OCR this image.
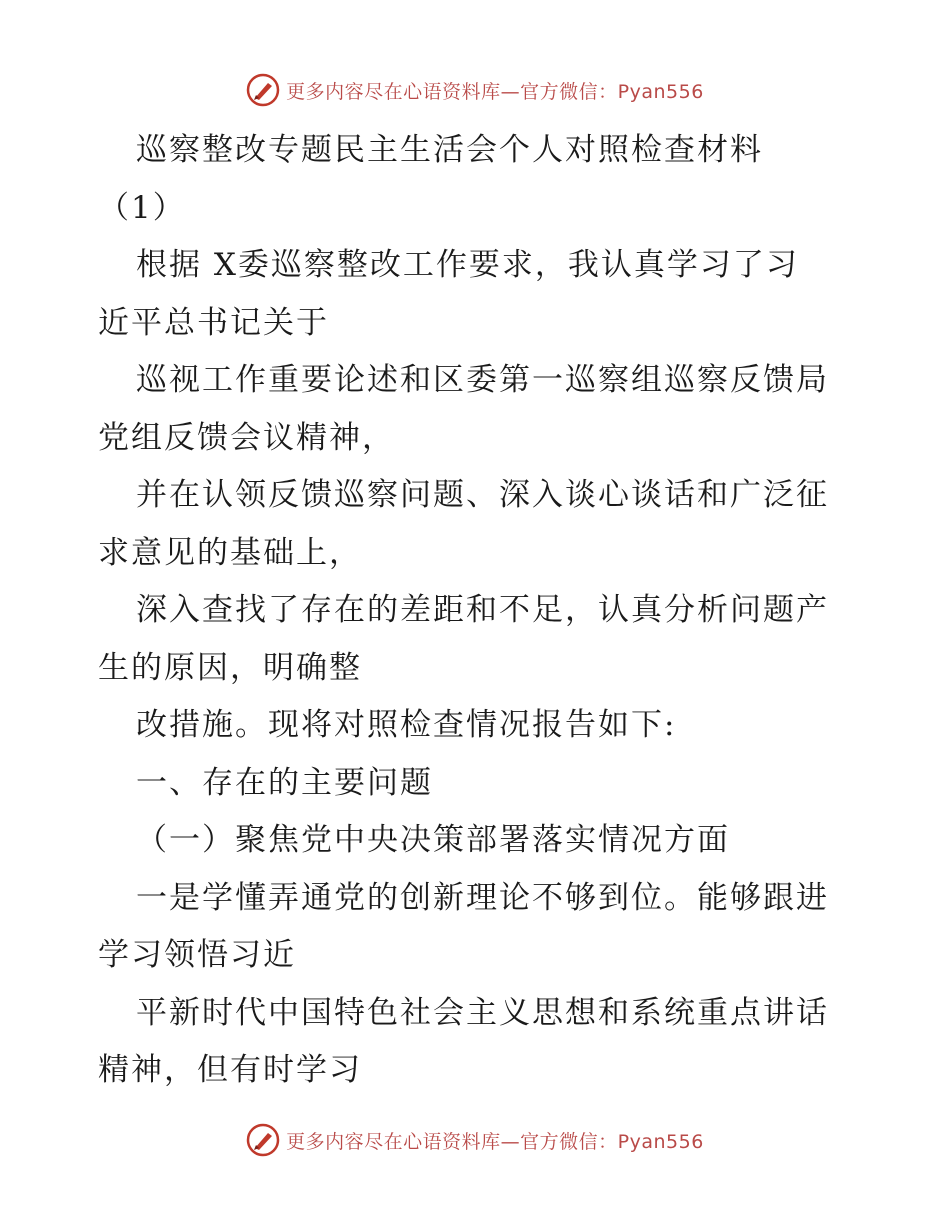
更多内容尽在心语资料库—官方微信：Pyan556

巡察整改专题民主生活会个人对照检查材料

（1）

根据 X委巡察整改工作要求，我认真学习了习

近平总书记关于

巡视工作重要论述和区委第一巡察组巡察反馈局

党组反馈会议精神，

并在认领反馈巡察问题、深入谈心谈话和广泛征

求意见的基础上，

深入查找了存在的差距和不足，认真分析问题产

生的原因，明确整

改措施。现将对照检查情况报告如下:

一、存在的主要问题

（一）聚焦党中央决策部署落实情况方面

一是学懂弄通党的创新理论不够到位。能够跟进

学习领悟习近

平新时代中国特色社会主义思想和系统重点讲话

精神，但有时学习

更多内容尽在心语资料库—官方微信：Pyan556
